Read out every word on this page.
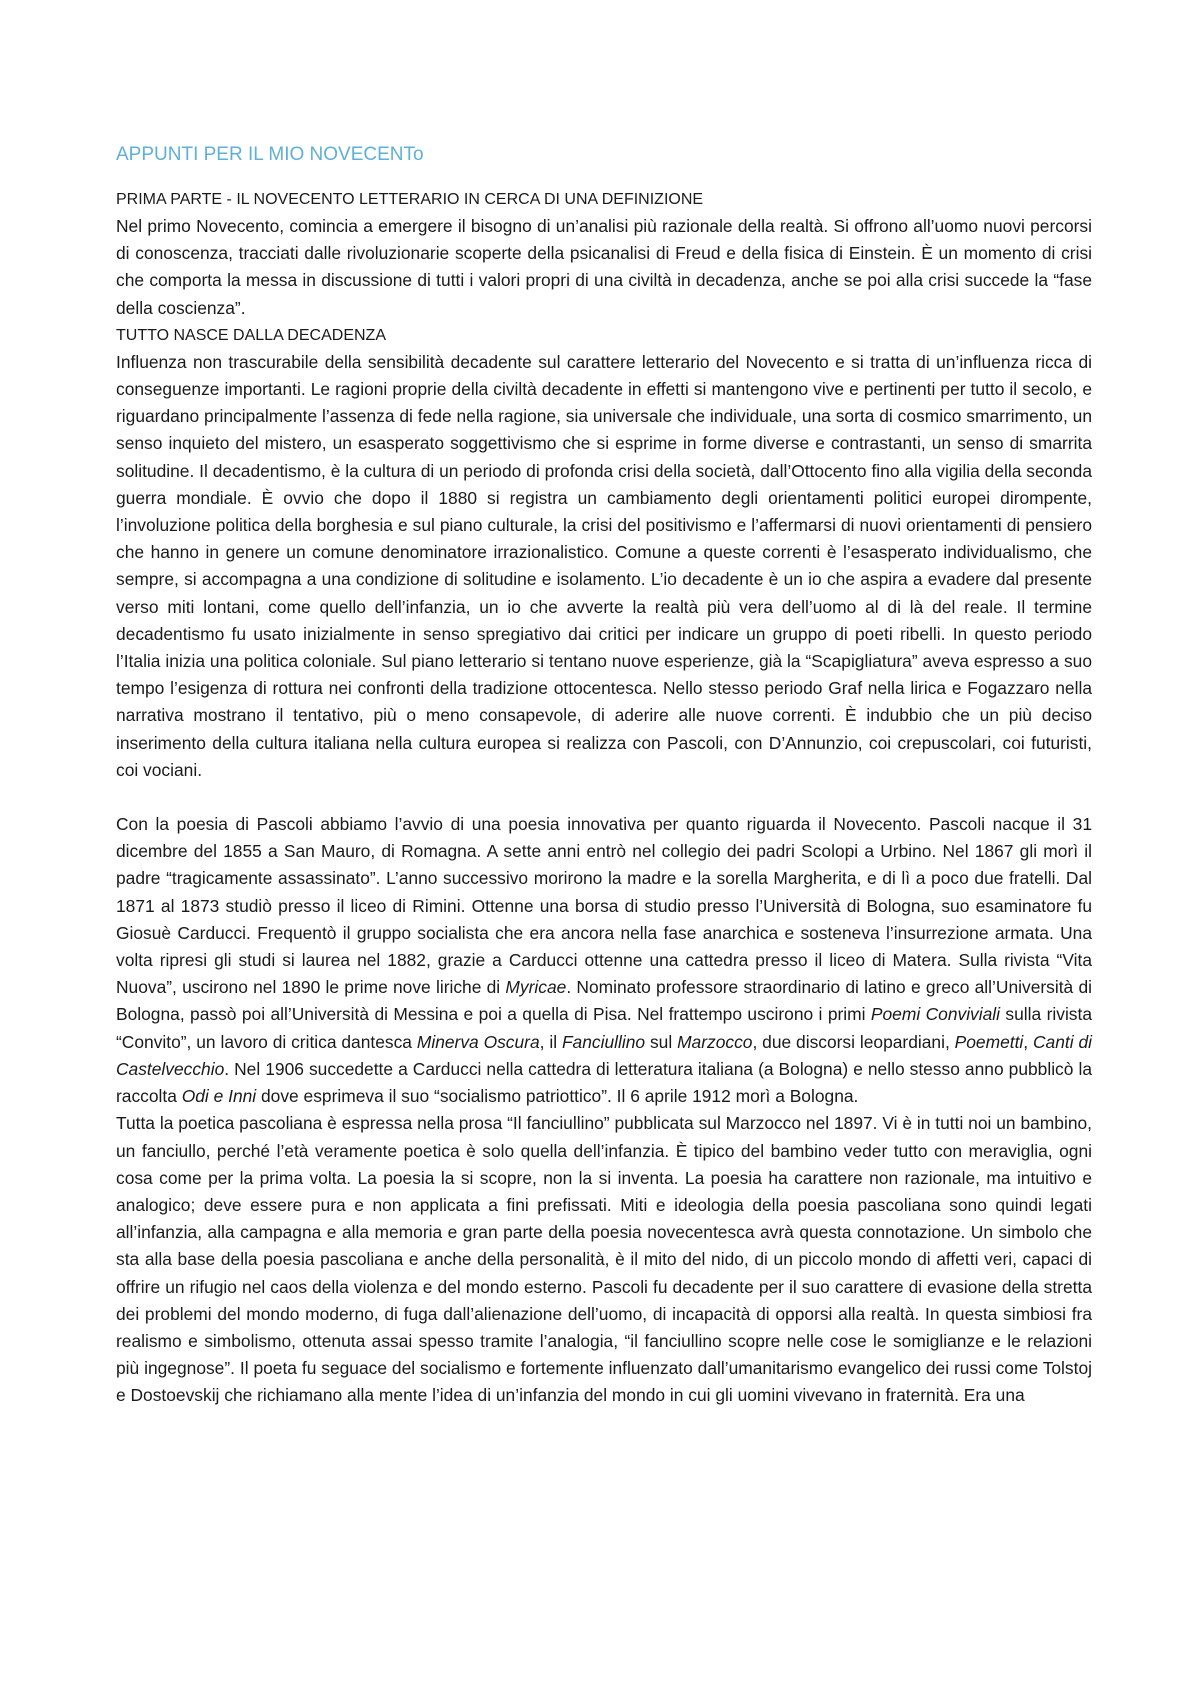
APPUNTI PER IL MIO NOVECENTo
PRIMA PARTE - IL NOVECENTO LETTERARIO IN CERCA DI UNA DEFINIZIONE

Nel primo Novecento, comincia a emergere il bisogno di un’analisi più razionale della realtà. Si offrono all’uomo nuovi percorsi di conoscenza, tracciati dalle rivoluzionarie scoperte della psicanalisi di Freud e della fisica di Einstein. È un momento di crisi che comporta la messa in discussione di tutti i valori propri di una civiltà in decadenza, anche se poi alla crisi succede la “fase della coscienza”.

TUTTO NASCE DALLA DECADENZA

Influenza non trascurabile della sensibilità decadente sul carattere letterario del Novecento e si tratta di un’influenza ricca di conseguenze importanti. Le ragioni proprie della civiltà decadente in effetti si mantengono vive e pertinenti per tutto il secolo, e riguardano principalmente l’assenza di fede nella ragione, sia universale che individuale, una sorta di cosmico smarrimento, un senso inquieto del mistero, un esasperato soggettivismo che si esprime in forme diverse e contrastanti, un senso di smarrita solitudine. Il decadentismo, è la cultura di un periodo di profonda crisi della società, dall’Ottocento fino alla vigilia della seconda guerra mondiale. È ovvio che dopo il 1880 si registra un cambiamento degli orientamenti politici europei dirompente, l’involuzione politica della borghesia e sul piano culturale, la crisi del positivismo e l’affermarsi di nuovi orientamenti di pensiero che hanno in genere un comune denominatore irrazionalistico. Comune a queste correnti è l’esasperato individualismo, che sempre, si accompagna a una condizione di solitudine e isolamento. L’io decadente è un io che aspira a evadere dal presente verso miti lontani, come quello dell’infanzia, un io che avverte la realtà più vera dell’uomo al di là del reale. Il termine decadentismo fu usato inizialmente in senso spregiativo dai critici per indicare un gruppo di poeti ribelli. In questo periodo l’Italia inizia una politica coloniale. Sul piano letterario si tentano nuove esperienze, già la “Scapigliatura” aveva espresso a suo tempo l’esigenza di rottura nei confronti della tradizione ottocentesca. Nello stesso periodo Graf nella lirica e Fogazzaro nella narrativa mostrano il tentativo, più o meno consapevole, di aderire alle nuove correnti. È indubbio che un più deciso inserimento della cultura italiana nella cultura europea si realizza con Pascoli, con D’Annunzio, coi crepuscolari, coi futuristi, coi vociani.

Con la poesia di Pascoli abbiamo l’avvio di una poesia innovativa per quanto riguarda il Novecento. Pascoli nacque il 31 dicembre del 1855 a San Mauro, di Romagna. A sette anni entrò nel collegio dei padri Scolopi a Urbino. Nel 1867 gli morì il padre “tragicamente assassinato”. L’anno successivo morirono la madre e la sorella Margherita, e di lì a poco due fratelli. Dal 1871 al 1873 studiò presso il liceo di Rimini. Ottenne una borsa di studio presso l’Università di Bologna, suo esaminatore fu Giosuè Carducci. Frequentò il gruppo socialista che era ancora nella fase anarchica e sosteneva l’insurrezione armata. Una volta ripresi gli studi si laurea nel 1882, grazie a Carducci ottenne una cattedra presso il liceo di Matera. Sulla rivista “Vita Nuova”, uscirono nel 1890 le prime nove liriche di Myricae. Nominato professore straordinario di latino e greco all’Università di Bologna, passò poi all’Università di Messina e poi a quella di Pisa. Nel frattempo uscirono i primi Poemi Conviviali sulla rivista “Convito”, un lavoro di critica dantesca Minerva Oscura, il Fanciullino sul Marzocco, due discorsi leopardiani, Poemetti, Canti di Castelvecchio. Nel 1906 succedette a Carducci nella cattedra di letteratura italiana (a Bologna) e nello stesso anno pubblicò la raccolta Odi e Inni dove esprimeva il suo “socialismo patriottico”. Il 6 aprile 1912 morì a Bologna.

Tutta la poetica pascoliana è espressa nella prosa “Il fanciullino” pubblicata sul Marzocco nel 1897. Vi è in tutti noi un bambino, un fanciullo, perché l’età veramente poetica è solo quella dell’infanzia. È tipico del bambino veder tutto con meraviglia, ogni cosa come per la prima volta. La poesia la si scopre, non la si inventa. La poesia ha carattere non razionale, ma intuitivo e analogico; deve essere pura e non applicata a fini prefissati. Miti e ideologia della poesia pascoliana sono quindi legati all’infanzia, alla campagna e alla memoria e gran parte della poesia novecentesca avrà questa connotazione. Un simbolo che sta alla base della poesia pascoliana e anche della personalità, è il mito del nido, di un piccolo mondo di affetti veri, capaci di offrire un rifugio nel caos della violenza e del mondo esterno. Pascoli fu decadente per il suo carattere di evasione della stretta dei problemi del mondo moderno, di fuga dall’alienazione dell’uomo, di incapacità di opporsi alla realtà. In questa simbiosi fra realismo e simbolismo, ottenuta assai spesso tramite l’analogia, “il fanciullino scopre nelle cose le somiglianze e le relazioni più ingegnose”. Il poeta fu seguace del socialismo e fortemente influenzato dall’umanitarismo evangelico dei russi come Tolstoj e Dostoevskij che richiamano alla mente l’idea di un’infanzia del mondo in cui gli uomini vivevano in fraternità. Era una
